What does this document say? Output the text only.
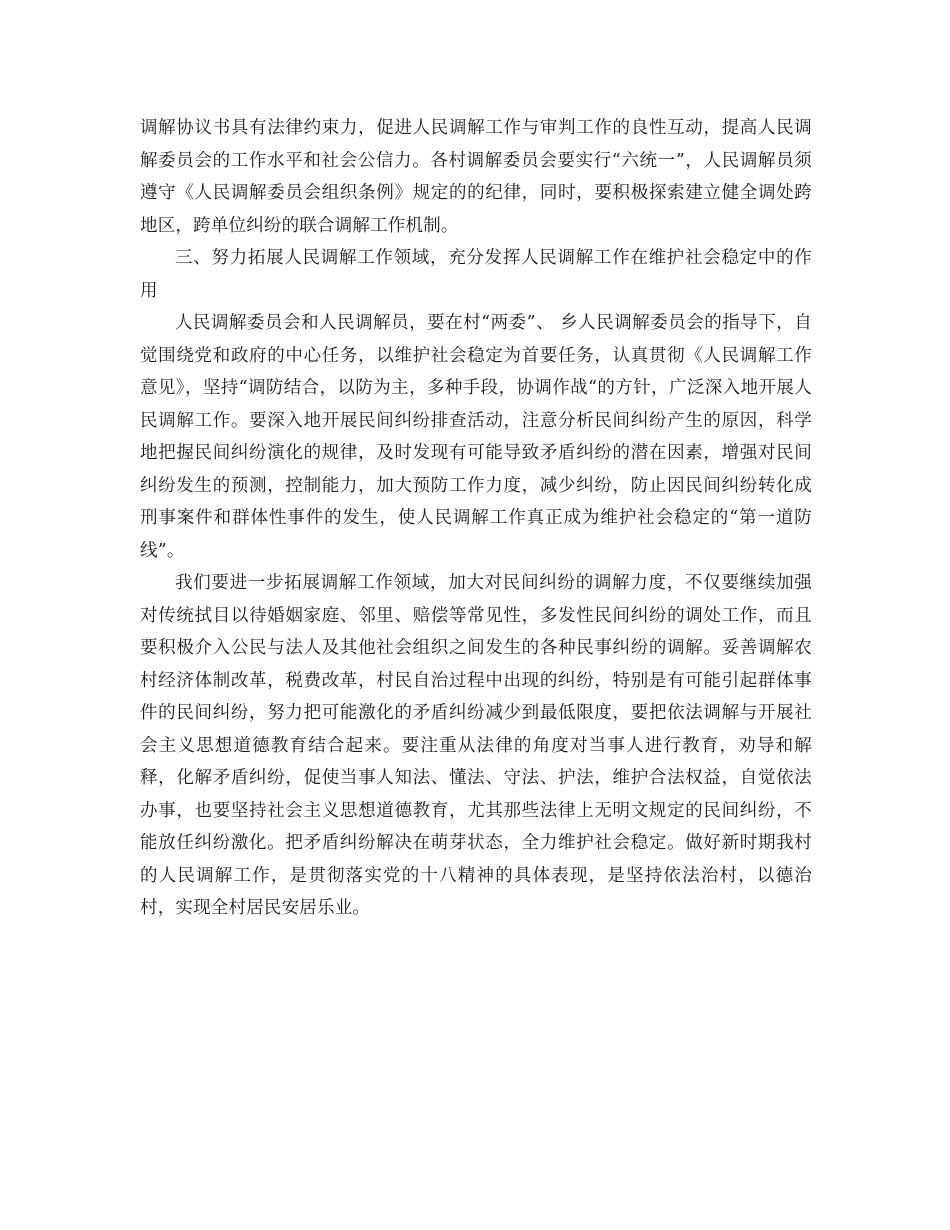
调解协议书具有法律约束力，促进人民调解工作与审判工作的良性互动，提高人民调解委员会的工作水平和社会公信力。各村调解委员会要实行“六统一”，人民调解员须遵守《人民调解委员会组织条例》规定的的纪律，同时，要积极探索建立健全调处跨地区，跨单位纠纷的联合调解工作机制。

三、努力拓展人民调解工作领域，充分发挥人民调解工作在维护社会稳定中的作用

人民调解委员会和人民调解员，要在村“两委”、 乡人民调解委员会的指导下，自觉围绕党和政府的中心任务，以维护社会稳定为首要任务，认真贯彻《人民调解工作意见》，坚持“调防结合，以防为主，多种手段，协调作战“的方针，广泛深入地开展人民调解工作。要深入地开展民间纠纷排查活动，注意分析民间纠纷产生的原因，科学地把握民间纠纷演化的规律，及时发现有可能导致矛盾纠纷的潜在因素，增强对民间纠纷发生的预测，控制能力，加大预防工作力度，减少纠纷，防止因民间纠纷转化成刑事案件和群体性事件的发生，使人民调解工作真正成为维护社会稳定的“第一道防线”。

我们要进一步拓展调解工作领域，加大对民间纠纷的调解力度，不仅要继续加强对传统拭目以待婚姻家庭、邻里、赔偿等常见性，多发性民间纠纷的调处工作，而且要积极介入公民与法人及其他社会组织之间发生的各种民事纠纷的调解。妥善调解农村经济体制改革，税费改革，村民自治过程中出现的纠纷，特别是有可能引起群体事件的民间纠纷，努力把可能激化的矛盾纠纷减少到最低限度，要把依法调解与开展社会主义思想道德教育结合起来。要注重从法律的角度对当事人进行教育，劝导和解释，化解矛盾纠纷，促使当事人知法、懂法、守法、护法，维护合法权益，自觉依法办事，也要坚持社会主义思想道德教育，尤其那些法律上无明文规定的民间纠纷，不能放任纠纷激化。把矛盾纠纷解决在萌芽状态，全力维护社会稳定。做好新时期我村的人民调解工作，是贯彻落实党的十八精神的具体表现，是坚持依法治村，以德治村，实现全村居民安居乐业。
